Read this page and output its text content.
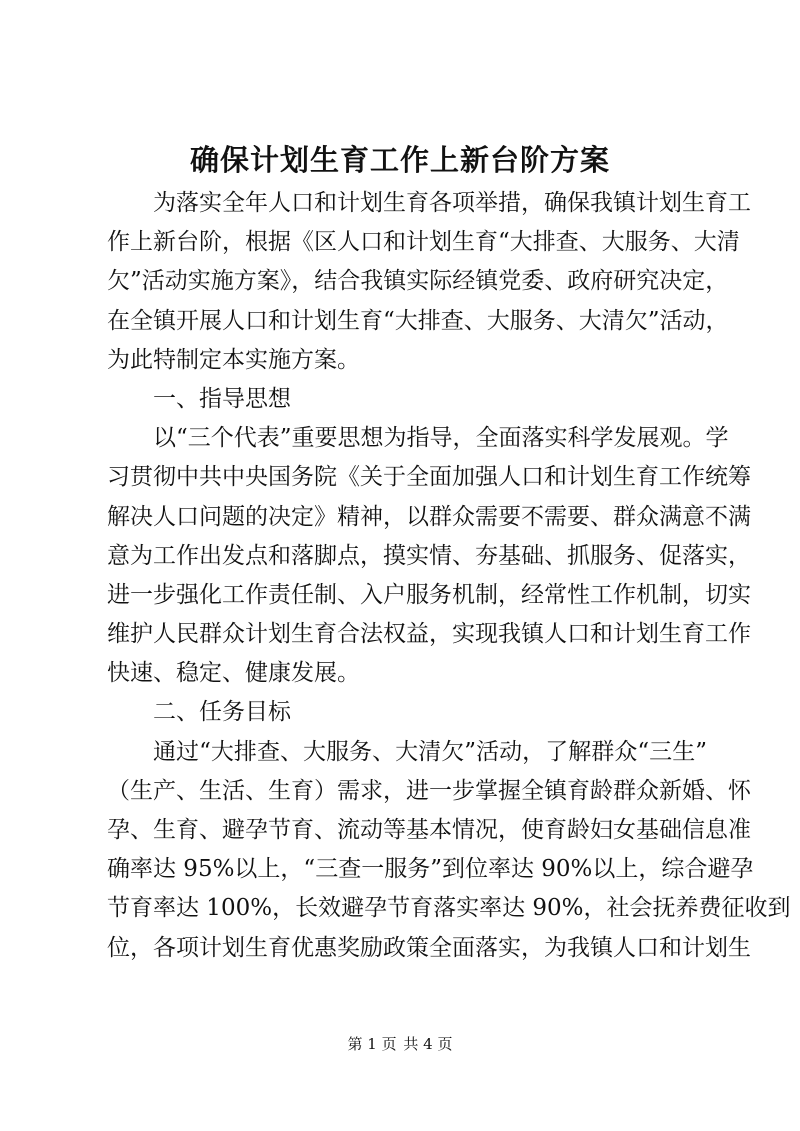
确保计划生育工作上新台阶方案
为落实全年人口和计划生育各项举措，确保我镇计划生育工
作上新台阶，根据《区人口和计划生育“大排查、大服务、大清
欠”活动实施方案》，结合我镇实际经镇党委、政府研究决定，
在全镇开展人口和计划生育“大排查、大服务、大清欠”活动，
为此特制定本实施方案。
一、指导思想
以“三个代表”重要思想为指导，全面落实科学发展观。学
习贯彻中共中央国务院《关于全面加强人口和计划生育工作统筹
解决人口问题的决定》精神，以群众需要不需要、群众满意不满
意为工作出发点和落脚点，摸实情、夯基础、抓服务、促落实，
进一步强化工作责任制、入户服务机制，经常性工作机制，切实
维护人民群众计划生育合法权益，实现我镇人口和计划生育工作
快速、稳定、健康发展。
二、任务目标
通过“大排查、大服务、大清欠”活动，了解群众“三生”
（生产、生活、生育）需求，进一步掌握全镇育龄群众新婚、怀
孕、生育、避孕节育、流动等基本情况，使育龄妇女基础信息准
确率达 95%以上，“三查一服务”到位率达 90%以上，综合避孕
节育率达 100%，长效避孕节育落实率达 90%，社会抚养费征收到
位，各项计划生育优惠奖励政策全面落实，为我镇人口和计划生
第 1 页 共 4 页
